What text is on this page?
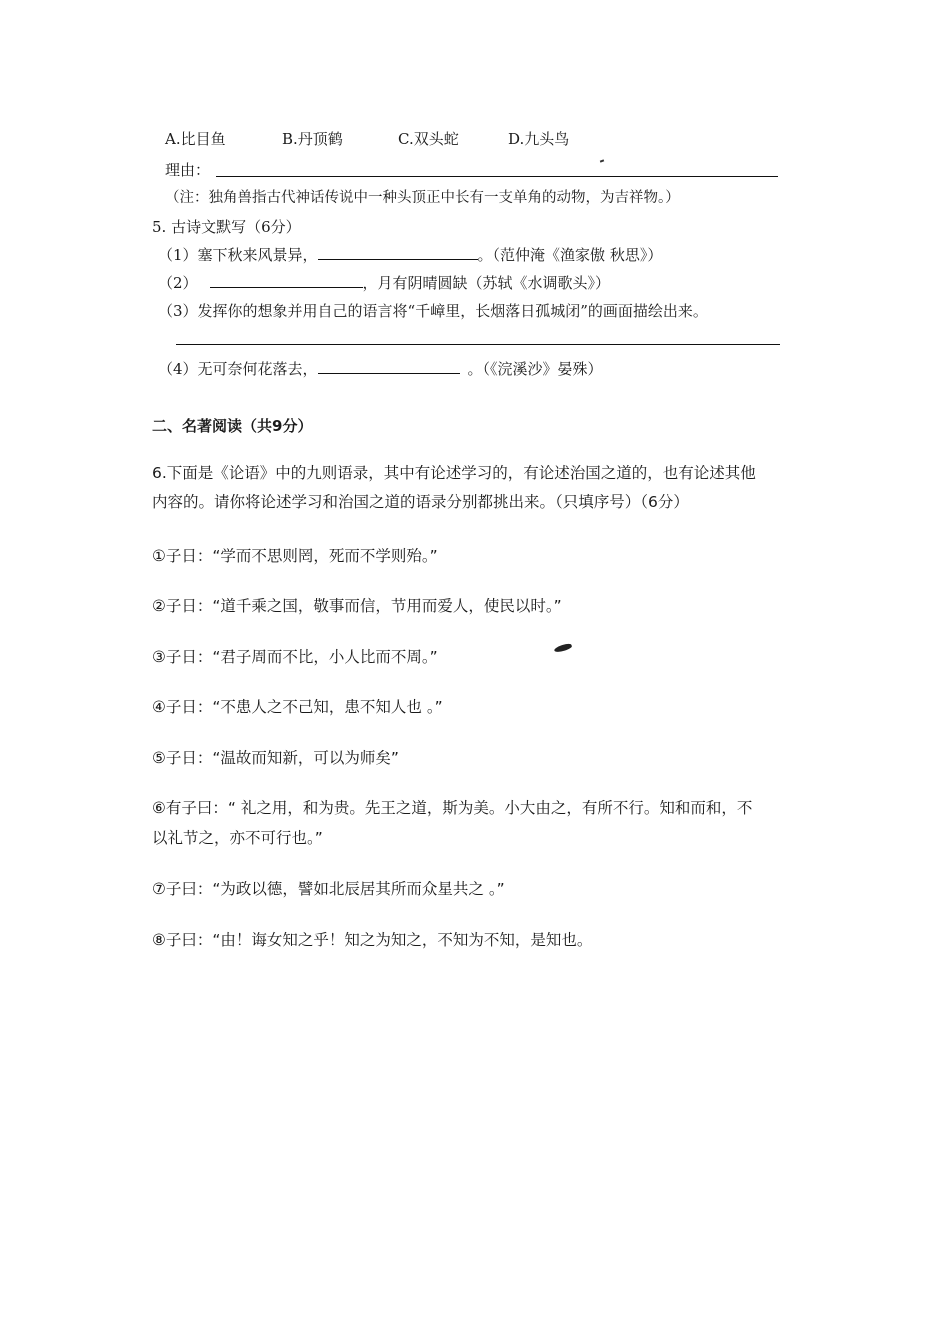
A.比目鱼	B.丹顶鹤	C.双头蛇	D.九头鸟
理由：
（注：独角兽指古代神话传说中一种头顶正中长有一支单角的动物，为吉祥物。）
5. 古诗文默写（6分）
（1）塞下秋来风景异，	。（范仲淹《渔家傲 秋思》）
（2）	，月有阴晴圆缺（苏轼《水调歌头》）
（3）发挥你的想象并用自己的语言将“千嶂里，长烟落日孤城闭”的画面描绘出来。
（4）无可奈何花落去，	。（《浣溪沙》晏殊）
二、名著阅读（共9分）
6.下面是《论语》中的九则语录，其中有论述学习的，有论述治国之道的，也有论述其他
内容的。请你将论述学习和治国之道的语录分别都挑出来。（只填序号）（6分）
①子日：“学而不思则罔，死而不学则殆。”
②子日：“道千乘之国，敬事而信，节用而爱人，使民以时。”
③子日：“君子周而不比，小人比而不周。”
④子日：“不患人之不己知，患不知人也 。”
⑤子日：“温故而知新，可以为师矣”
⑥有子曰：“ 礼之用，和为贵。先王之道，斯为美。小大由之，有所不行。知和而和，不
以礼节之，亦不可行也。”
⑦子曰：“为政以德，譬如北辰居其所而众星共之 。”
⑧子曰：“由！诲女知之乎！知之为知之，不知为不知，是知也。
